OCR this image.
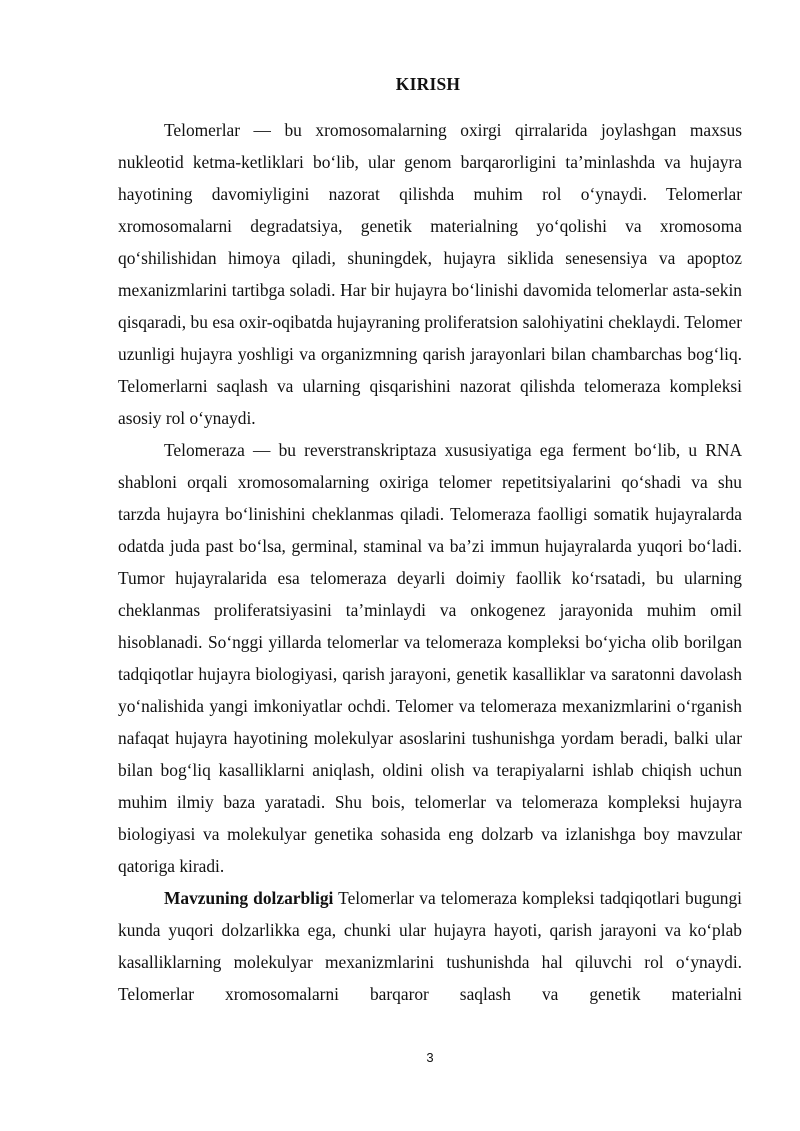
KIRISH

Telomerlar — bu xromosomalarning oxirgi qirralarida joylashgan maxsus nukleotid ketma-ketliklari bo‘lib, ular genom barqarorligini ta’minlashda va hujayra hayotining davomiyligini nazorat qilishda muhim rol o‘ynaydi. Telomerlar xromosomalarni degradatsiya, genetik materialning yo‘qolishi va xromosoma qo‘shilishidan himoya qiladi, shuningdek, hujayra siklida senesensiya va apoptoz mexanizmlarini tartibga soladi. Har bir hujayra bo‘linishi davomida telomerlar asta-sekin qisqaradi, bu esa oxir-oqibatda hujayraning proliferatsion salohiyatini cheklaydi. Telomer uzunligi hujayra yoshligi va organizmning qarish jarayonlari bilan chambarchas bog‘liq. Telomerlarni saqlash va ularning qisqarishini nazorat qilishda telomeraza kompleksi asosiy rol o‘ynaydi.

Telomeraza — bu reverstranskriptaza xususiyatiga ega ferment bo‘lib, u RNA shabloni orqali xromosomalarning oxiriga telomer repetitsiyalarini qo‘shadi va shu tarzda hujayra bo‘linishini cheklanmas qiladi. Telomeraza faolligi somatik hujayralarda odatda juda past bo‘lsa, germinal, staminal va ba’zi immun hujayralarda yuqori bo‘ladi. Tumor hujayralarida esa telomeraza deyarli doimiy faollik ko‘rsatadi, bu ularning cheklanmas proliferatsiyasini ta’minlaydi va onkogenez jarayonida muhim omil hisoblanadi. So‘nggi yillarda telomerlar va telomeraza kompleksi bo‘yicha olib borilgan tadqiqotlar hujayra biologiyasi, qarish jarayoni, genetik kasalliklar va saratonni davolash yo‘nalishida yangi imkoniyatlar ochdi. Telomer va telomeraza mexanizmlarini o‘rganish nafaqat hujayra hayotining molekulyar asoslarini tushunishga yordam beradi, balki ular bilan bog‘liq kasalliklarni aniqlash, oldini olish va terapiyalarni ishlab chiqish uchun muhim ilmiy baza yaratadi. Shu bois, telomerlar va telomeraza kompleksi hujayra biologiyasi va molekulyar genetika sohasida eng dolzarb va izlanishga boy mavzular qatoriga kiradi.

Mavzuning dolzarbligi Telomerlar va telomeraza kompleksi tadqiqotlari bugungi kunda yuqori dolzarlikka ega, chunki ular hujayra hayoti, qarish jarayoni va ko‘plab kasalliklarning molekulyar mexanizmlarini tushunishda hal qiluvchi rol o‘ynaydi. Telomerlar xromosomalarni barqaror saqlash va genetik materialni

3
